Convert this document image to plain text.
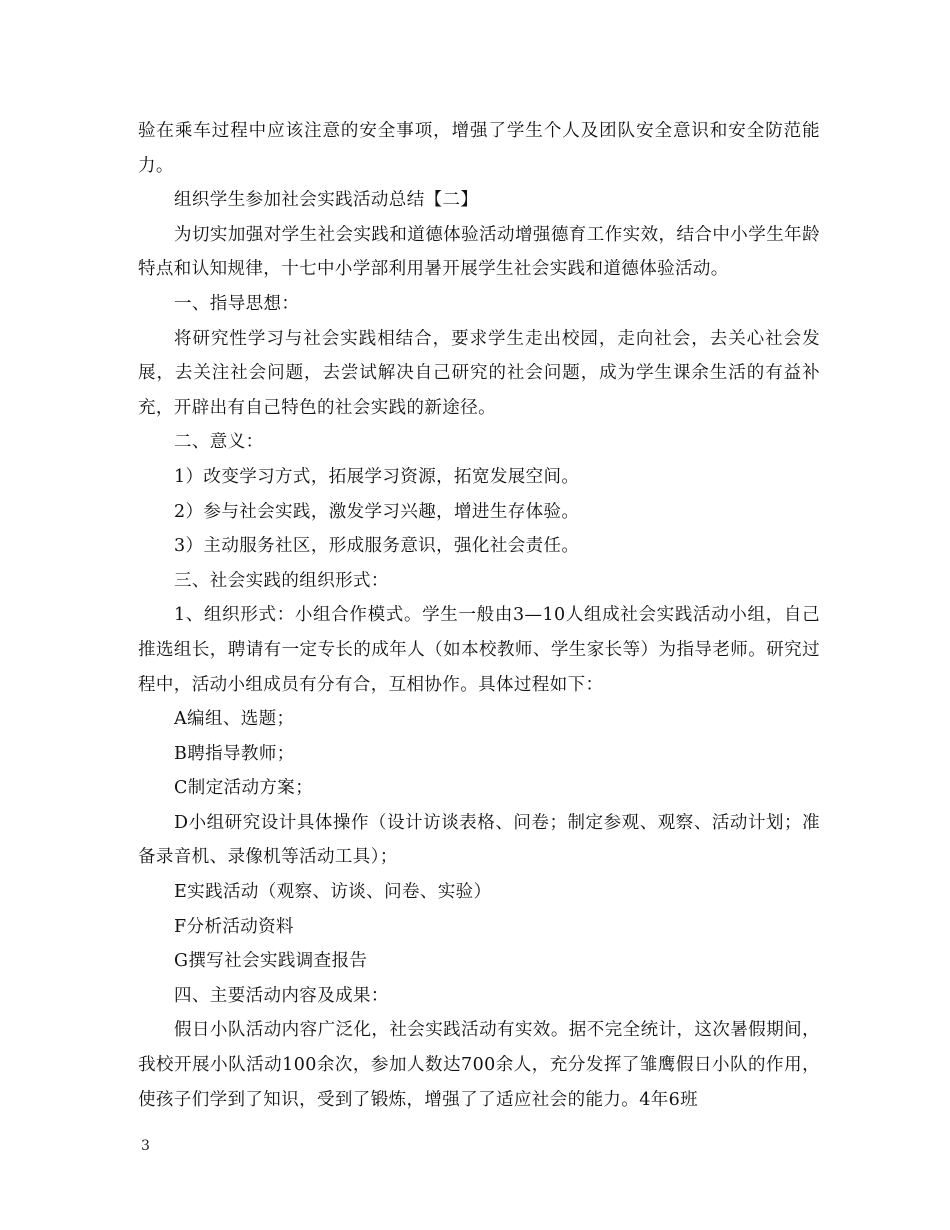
验在乘车过程中应该注意的安全事项，增强了学生个人及团队安全意识和安全防范能力。

组织学生参加社会实践活动总结【二】

为切实加强对学生社会实践和道德体验活动增强德育工作实效，结合中小学生年龄特点和认知规律，十七中小学部利用暑开展学生社会实践和道德体验活动。

一、指导思想：

将研究性学习与社会实践相结合，要求学生走出校园，走向社会，去关心社会发展，去关注社会问题，去尝试解决自己研究的社会问题，成为学生课余生活的有益补充，开辟出有自己特色的社会实践的新途径。

二、意义：

1）改变学习方式，拓展学习资源，拓宽发展空间。

2）参与社会实践，激发学习兴趣，增进生存体验。

3）主动服务社区，形成服务意识，强化社会责任。

三、社会实践的组织形式：

1、组织形式：小组合作模式。学生一般由3—10人组成社会实践活动小组，自己推选组长，聘请有一定专长的成年人（如本校教师、学生家长等）为指导老师。研究过程中，活动小组成员有分有合，互相协作。具体过程如下：

A编组、选题；

B聘指导教师；

C制定活动方案；

D小组研究设计具体操作（设计访谈表格、问卷；制定参观、观察、活动计划；准备录音机、录像机等活动工具）；

E实践活动（观察、访谈、问卷、实验）

F分析活动资料

G撰写社会实践调查报告

四、主要活动内容及成果：

假日小队活动内容广泛化，社会实践活动有实效。据不完全统计，这次暑假期间，我校开展小队活动100余次，参加人数达700余人，充分发挥了雏鹰假日小队的作用，使孩子们学到了知识，受到了锻炼，增强了了适应社会的能力。4年6班

3
